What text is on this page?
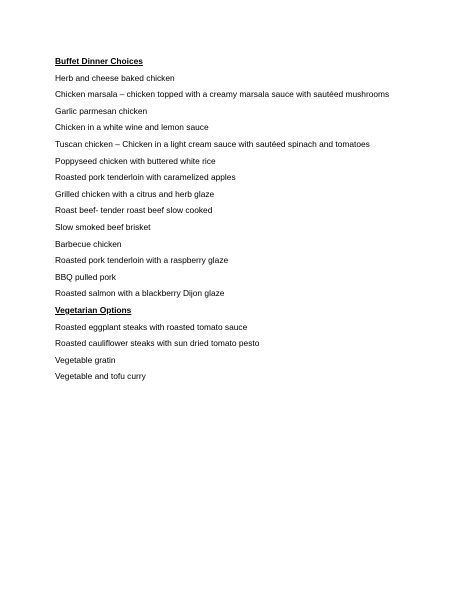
Buffet Dinner Choices
Herb and cheese baked chicken
Chicken marsala – chicken topped with a creamy marsala sauce with sautéed mushrooms
Garlic parmesan chicken
Chicken in a white wine and lemon sauce
Tuscan chicken – Chicken in a light cream sauce with sautéed spinach and tomatoes
Poppyseed chicken with buttered white rice
Roasted pork tenderloin with caramelized apples
Grilled chicken with a citrus and herb glaze
Roast beef- tender roast beef slow cooked
Slow smoked beef brisket
Barbecue chicken
Roasted pork tenderloin with a raspberry glaze
BBQ pulled pork
Roasted salmon with a blackberry Dijon glaze
Vegetarian Options
Roasted eggplant steaks with roasted tomato sauce
Roasted cauliflower steaks with sun dried tomato pesto
Vegetable gratin
Vegetable and tofu curry
